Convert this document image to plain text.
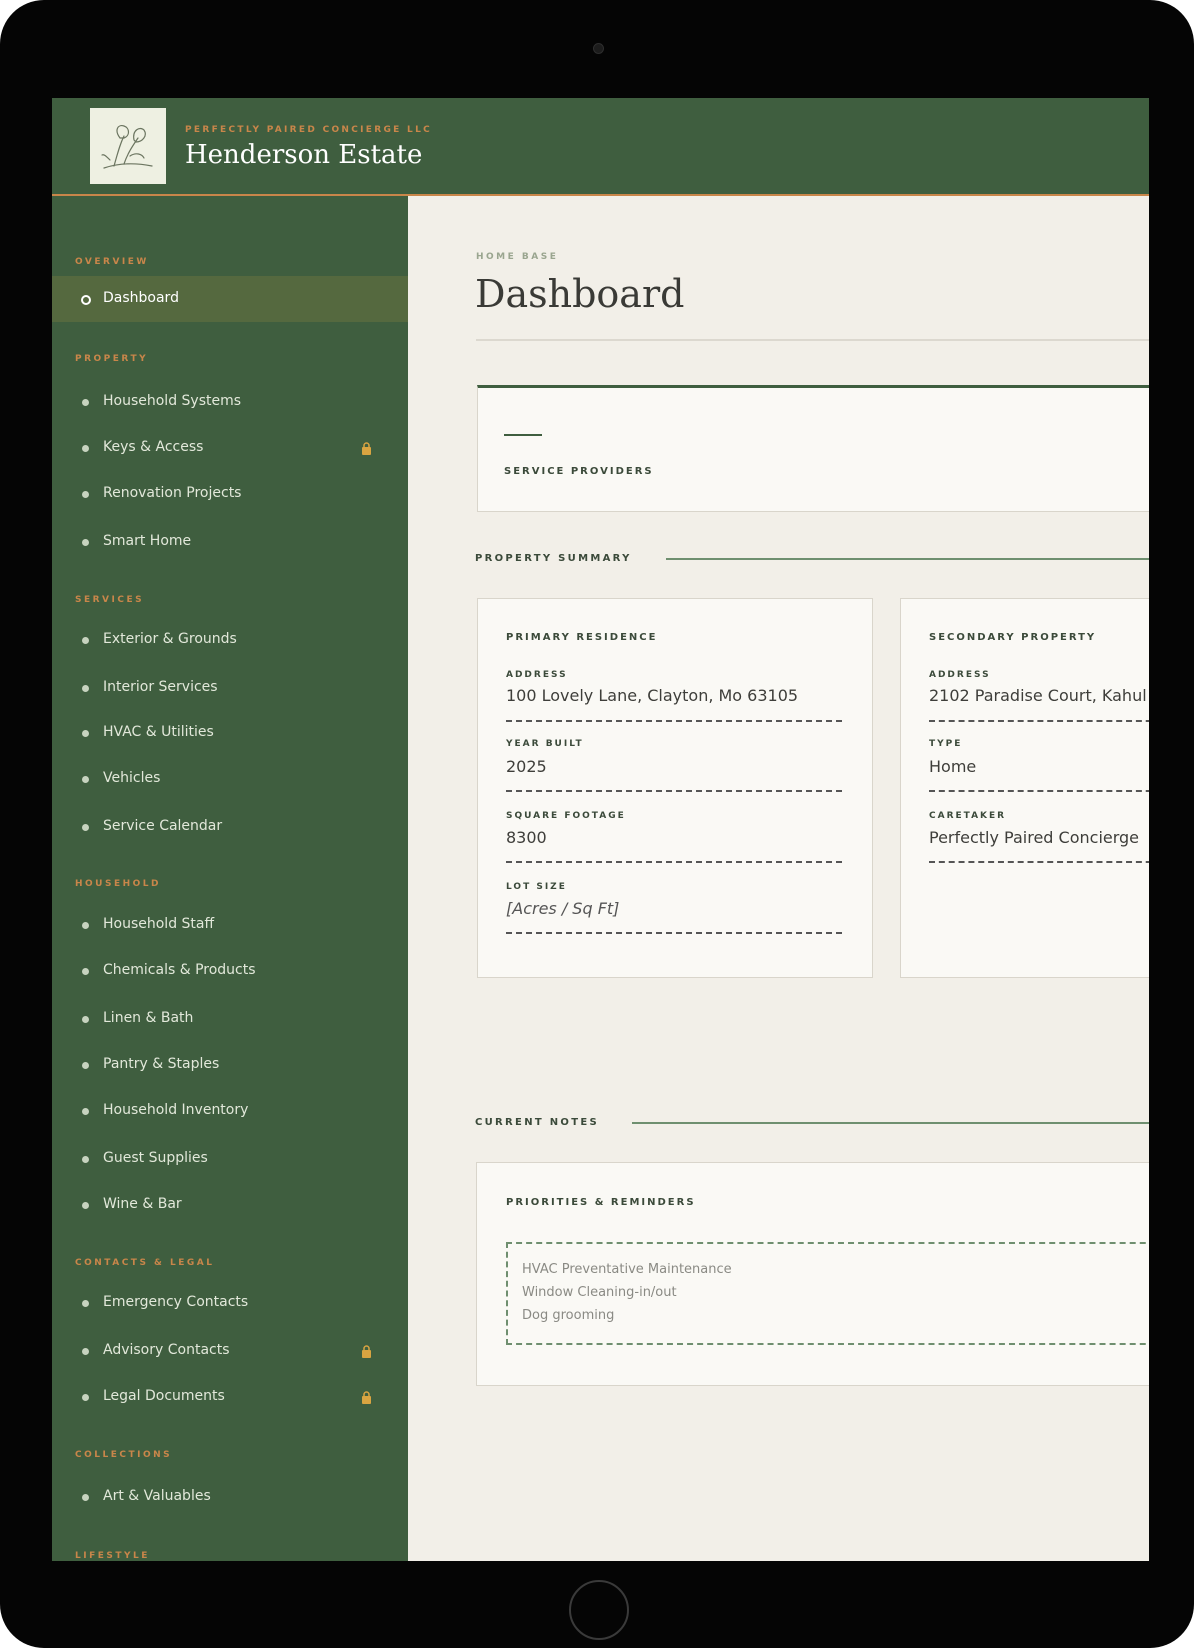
PERFECTLY PAIRED CONCIERGE LLC
Henderson Estate
OVERVIEW
Dashboard
PROPERTY
Household Systems
Keys & Access
Renovation Projects
Smart Home
SERVICES
Exterior & Grounds
Interior Services
HVAC & Utilities
Vehicles
Service Calendar
HOUSEHOLD
Household Staff
Chemicals & Products
Linen & Bath
Pantry & Staples
Household Inventory
Guest Supplies
Wine & Bar
CONTACTS & LEGAL
Emergency Contacts
Advisory Contacts
Legal Documents
COLLECTIONS
Art & Valuables
LIFESTYLE
HOME BASE
Dashboard
SERVICE PROVIDERS
PROPERTY SUMMARY
PRIMARY RESIDENCE
ADDRESS
100 Lovely Lane, Clayton, Mo 63105
YEAR BUILT
2025
SQUARE FOOTAGE
8300
LOT SIZE
[Acres / Sq Ft]
SECONDARY PROPERTY
ADDRESS
2102 Paradise Court, Kahul
TYPE
Home
CARETAKER
Perfectly Paired Concierge
CURRENT NOTES
PRIORITIES & REMINDERS
HVAC Preventative Maintenance
Window Cleaning-in/out
Dog grooming
